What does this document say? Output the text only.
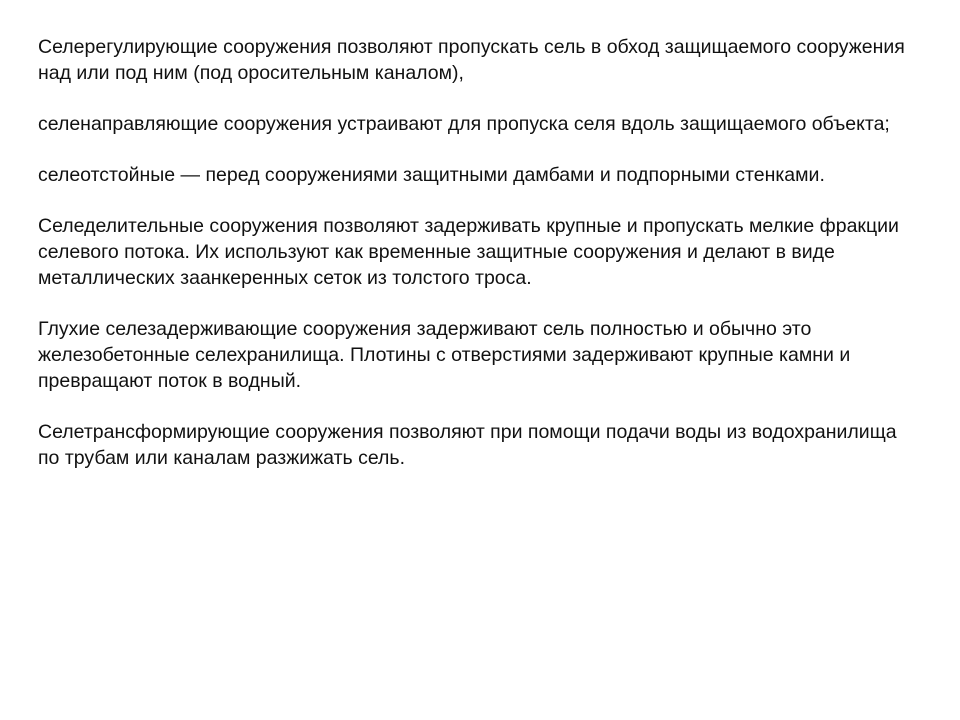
Селерегулирующие сооружения позволяют пропускать сель в обход защищаемого сооружения над или под ним (под оросительным каналом),

селенаправляющие сооружения устраивают для пропуска селя вдоль защищаемого объекта;

селеотстойные — перед сооружениями защитными дамбами и подпорными стенками.

Селеделительные сооружения позволяют задерживать крупные и пропускать мелкие фракции селевого потока. Их используют как временные защитные сооружения и делают в виде металлических заанкеренных сеток из толстого троса.

Глухие селезадерживающие сооружения задерживают сель полностью и обычно это железобетонные селехранилища. Плотины с отверстиями задерживают крупные камни и превращают поток в водный.

Селетрансформирующие сооружения позволяют при помощи подачи воды из водохранилища по трубам или каналам разжижать сель.
